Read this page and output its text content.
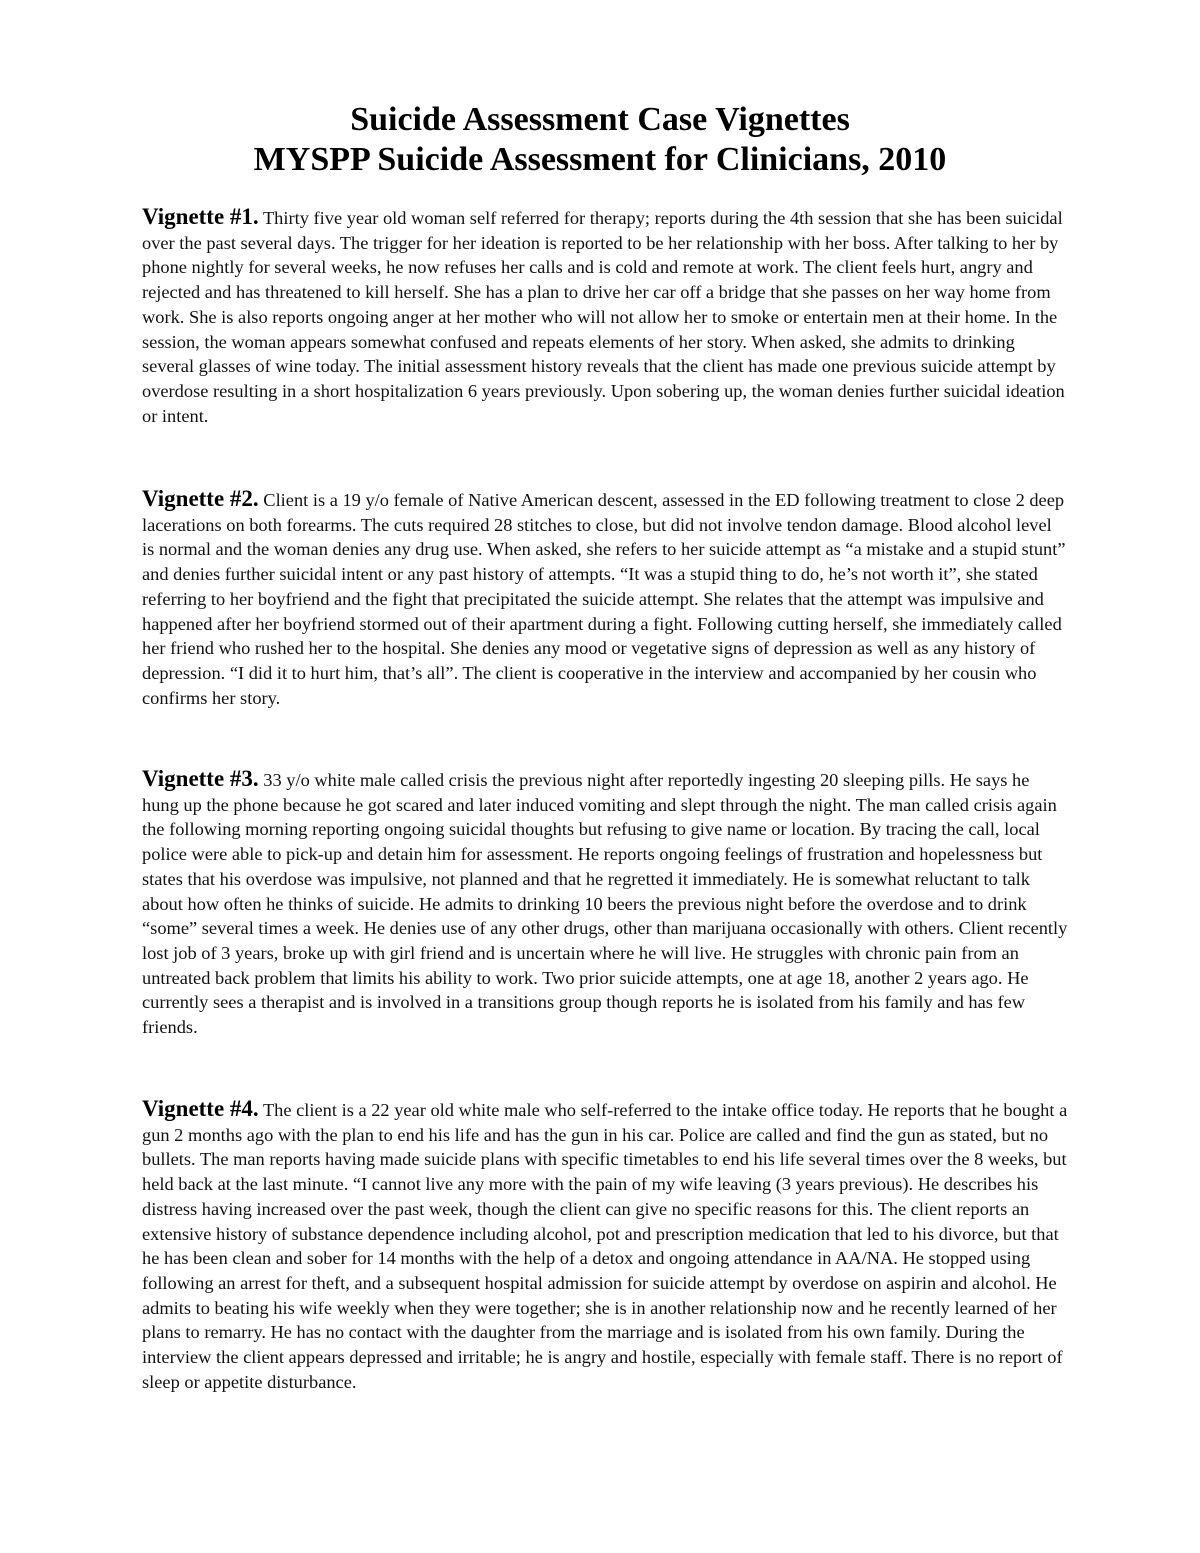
Suicide Assessment Case Vignettes
MYSPP Suicide Assessment for Clinicians, 2010

Vignette #1. Thirty five year old woman self referred for therapy; reports during the 4th session that she has been suicidal over the past several days. The trigger for her ideation is reported to be her relationship with her boss. After talking to her by phone nightly for several weeks, he now refuses her calls and is cold and remote at work. The client feels hurt, angry and rejected and has threatened to kill herself. She has a plan to drive her car off a bridge that she passes on her way home from work. She is also reports ongoing anger at her mother who will not allow her to smoke or entertain men at their home. In the session, the woman appears somewhat confused and repeats elements of her story. When asked, she admits to drinking several glasses of wine today. The initial assessment history reveals that the client has made one previous suicide attempt by overdose resulting in a short hospitalization 6 years previously. Upon sobering up, the woman denies further suicidal ideation or intent.

Vignette #2. Client is a 19 y/o female of Native American descent, assessed in the ED following treatment to close 2 deep lacerations on both forearms. The cuts required 28 stitches to close, but did not involve tendon damage. Blood alcohol level is normal and the woman denies any drug use. When asked, she refers to her suicide attempt as “a mistake and a stupid stunt” and denies further suicidal intent or any past history of attempts. “It was a stupid thing to do, he’s not worth it”, she stated referring to her boyfriend and the fight that precipitated the suicide attempt. She relates that the attempt was impulsive and happened after her boyfriend stormed out of their apartment during a fight. Following cutting herself, she immediately called her friend who rushed her to the hospital. She denies any mood or vegetative signs of depression as well as any history of depression. “I did it to hurt him, that’s all”. The client is cooperative in the interview and accompanied by her cousin who confirms her story.

Vignette #3. 33 y/o white male called crisis the previous night after reportedly ingesting 20 sleeping pills. He says he hung up the phone because he got scared and later induced vomiting and slept through the night. The man called crisis again the following morning reporting ongoing suicidal thoughts but refusing to give name or location. By tracing the call, local police were able to pick-up and detain him for assessment. He reports ongoing feelings of frustration and hopelessness but states that his overdose was impulsive, not planned and that he regretted it immediately. He is somewhat reluctant to talk about how often he thinks of suicide. He admits to drinking 10 beers the previous night before the overdose and to drink “some” several times a week. He denies use of any other drugs, other than marijuana occasionally with others. Client recently lost job of 3 years, broke up with girl friend and is uncertain where he will live. He struggles with chronic pain from an untreated back problem that limits his ability to work. Two prior suicide attempts, one at age 18, another 2 years ago. He currently sees a therapist and is involved in a transitions group though reports he is isolated from his family and has few friends.

Vignette #4. The client is a 22 year old white male who self-referred to the intake office today. He reports that he bought a gun 2 months ago with the plan to end his life and has the gun in his car. Police are called and find the gun as stated, but no bullets. The man reports having made suicide plans with specific timetables to end his life several times over the 8 weeks, but held back at the last minute. “I cannot live any more with the pain of my wife leaving (3 years previous). He describes his distress having increased over the past week, though the client can give no specific reasons for this. The client reports an extensive history of substance dependence including alcohol, pot and prescription medication that led to his divorce, but that he has been clean and sober for 14 months with the help of a detox and ongoing attendance in AA/NA. He stopped using following an arrest for theft, and a subsequent hospital admission for suicide attempt by overdose on aspirin and alcohol. He admits to beating his wife weekly when they were together; she is in another relationship now and he recently learned of her plans to remarry. He has no contact with the daughter from the marriage and is isolated from his own family. During the interview the client appears depressed and irritable; he is angry and hostile, especially with female staff. There is no report of sleep or appetite disturbance.
